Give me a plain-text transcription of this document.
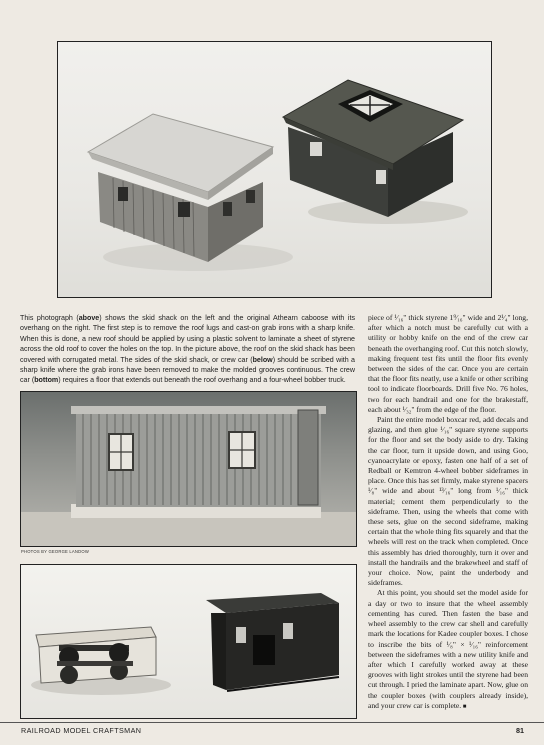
This photograph (above) shows the skid shack on the left and the original Athearn caboose with its overhang on the right. The first step is to remove the roof lugs and cast-on grab irons with a sharp knife. When this is done, a new roof should be applied by using a plastic solvent to laminate a sheet of styrene across the old roof to cover the holes on the top. In the picture above, the roof on the skid shack has been covered with corrugated metal. The sides of the skid shack, or crew car (below) should be scribed with a sharp knife where the grab irons have been removed to make the molded grooves continuous. The crew car (bottom) requires a floor that extends out beneath the roof overhang and a four-wheel bobber truck.

PHOTOS BY GEORGE LANDOW

piece of ¹⁄₁₆" thick styrene 1⁹⁄₁₆" wide and 2¹⁄₄" long, after which a notch must be carefully cut with a utility or hobby knife on the end of the crew car beneath the overhanging roof. Cut this notch slowly, making frequent test fits until the floor fits evenly between the sides of the car. Once you are certain that the floor fits neatly, use a knife or other scribing tool to indicate floorboards. Drill five No. 76 holes, two for each handrail and one for the brakestaff, each about ¹⁄₃₂" from the edge of the floor.

Paint the entire model boxcar red, add decals and glazing, and then glue ¹⁄₁₆" square styrene supports for the floor and set the body aside to dry. Taking the car floor, turn it upside down, and using Goo, cyanoacrylate or epoxy, fasten one half of a set of Redball or Kemtron 4-wheel bobber sideframes in place. Once this has set firmly, make styrene spacers ¹⁄₈" wide and about ¹³⁄₁₆" long from ¹⁄₁₆" thick material; cement them perpendicularly to the sideframe. Then, using the wheels that come with these sets, glue on the second sideframe, making certain that the whole thing fits squarely and that the wheels will rest on the track when completed. Once this assembly has dried thoroughly, turn it over and install the handrails and the brakewheel and staff of your choice. Now, paint the underbody and sideframes.

At this point, you should set the model aside for a day or two to insure that the wheel assembly cementing has cured. Then fasten the base and wheel assembly to the crew car shell and carefully mark the locations for Kadee coupler boxes. I chose to inscribe the bits of ¹⁄₈" × ¹⁄₁₆" reinforcement between the sideframes with a new utility knife and after which I carefully worked away at these grooves with light strokes until the styrene had been cut through. I pried the laminate apart. Now, glue on the coupler boxes (with couplers already inside), and your crew car is complete. ■

RAILROAD MODEL CRAFTSMAN	81
